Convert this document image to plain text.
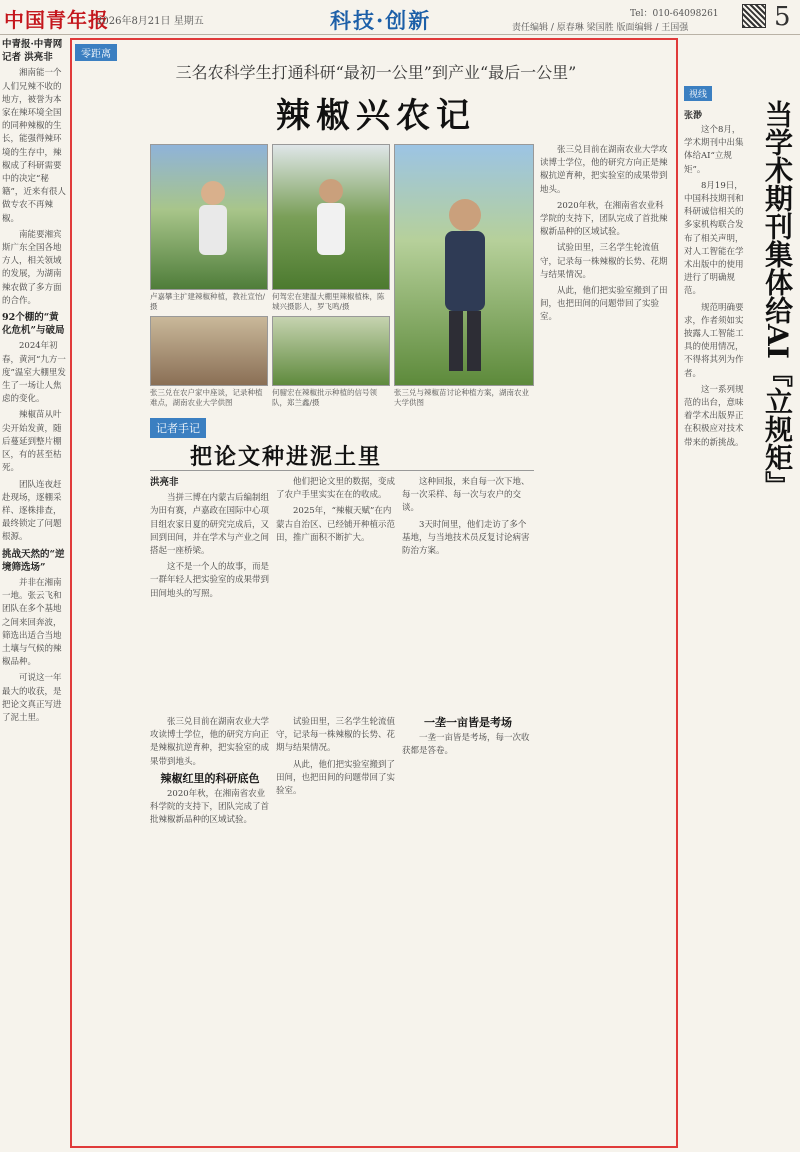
中国青年报
2026年8月21日 星期五	科技·创新	责任编辑 / 原春琳 梁国胜 版面编辑 / 王国强
Tel：010-64098261 5

中青报·中青网记者 洪亮非

湘南能一个人们兄辣不收的地方，被誉为本家在辣环境全国的同种辣椒的生长，能强得辣环境的生存中，辣椒成了科研需要中的决定“秘籍”，近来有很人做专农不再辣椒。

南能要湘宾斯广东全国各地方人，相关领域的发展，为湖南辣农做了多方面的合作。

92个棚的“黄化危机”与破局

2024年初春，黄河“九方一度”温室大棚里发生了一场让人焦虑的变化。

辣椒苗从叶尖开始发黄，随后蔓延到整片棚区，有的甚至枯死。

团队连夜赶赴现场，逐棚采样、逐株排查，最终锁定了问题根源。

挑战天然的“逆境筛选场”

并非在湘南一地。张云飞和团队在多个基地之间来回奔波，筛选出适合当地土壤与气候的辣椒品种。

可说这一年最大的收获，是把论文真正写进了泥土里。

零距离
三名农科学生打通科研“最初一公里”到产业“最后一公里”
辣椒兴农记
卢嘉攀主扩建辣椒种植，教社宣怡/摄
何驾宏在建温大棚里辣椒植株，陈城兴摄影人，罗飞鸣/摄
张三兑在农户家中座谈，记录种植难点，湖南农业大学供图
何骝宏在辣椒批示种植的信号领队，郑兰鑫/摄
张三兑与辣椒苗讨论种植方案，湖南农业大学供图
记者手记
把论文种进泥土里

洪亮非

当拼三博在内蒙古后编制组为田有赛，卢嘉政在国际中心项目组农家日夏的研究完成后，又回到田间，并在学术与产业之间搭起一座桥梁。

这不是一个人的故事，而是一群年轻人把实验室的成果带到田间地头的写照。

他们把论文里的数据，变成了农户手里实实在在的收成。

2025年，“辣椒天赋”在内蒙古自治区、已经铺开种植示范田，推广面积不断扩大。

这种回报，来自每一次下地、每一次采样、每一次与农户的交谈。

3天时间里，他们走访了多个基地，与当地技术员反复讨论病害防治方案。

张三兑目前在湖南农业大学攻读博士学位，他的研究方向正是辣椒抗逆育种，把实验室的成果带到地头。

辣椒红里的科研底色

2020年秋，在湘南省农业科学院的支持下，团队完成了首批辣椒新品种的区域试验。

试验田里，三名学生轮流值守，记录每一株辣椒的长势、花期与结果情况。

从此，他们把实验室搬到了田间，也把田间的问题带回了实验室。

一垄一亩皆是考场

一垄一亩皆是考场，每一次收获都是答卷。

张三兑目前在湖南农业大学攻读博士学位，他的研究方向正是辣椒抗逆育种，把实验室的成果带到地头。

2020年秋，在湘南省农业科学院的支持下，团队完成了首批辣椒新品种的区域试验。

试验田里，三名学生轮流值守，记录每一株辣椒的长势、花期与结果情况。

从此，他们把实验室搬到了田间，也把田间的问题带回了实验室。

视线
张渺

这个8月，学术期刊中出集体给AI“立规矩”。

8月19日，中国科技期刊和科研诚信相关的多家机构联合发布了相关声明，对人工智能在学术出版中的使用进行了明确规范。

规范明确要求，作者须如实披露人工智能工具的使用情况，不得将其列为作者。

这一系列规范的出台，意味着学术出版界正在积极应对技术带来的新挑战。 当学术期刊集体给AI『立规矩』
